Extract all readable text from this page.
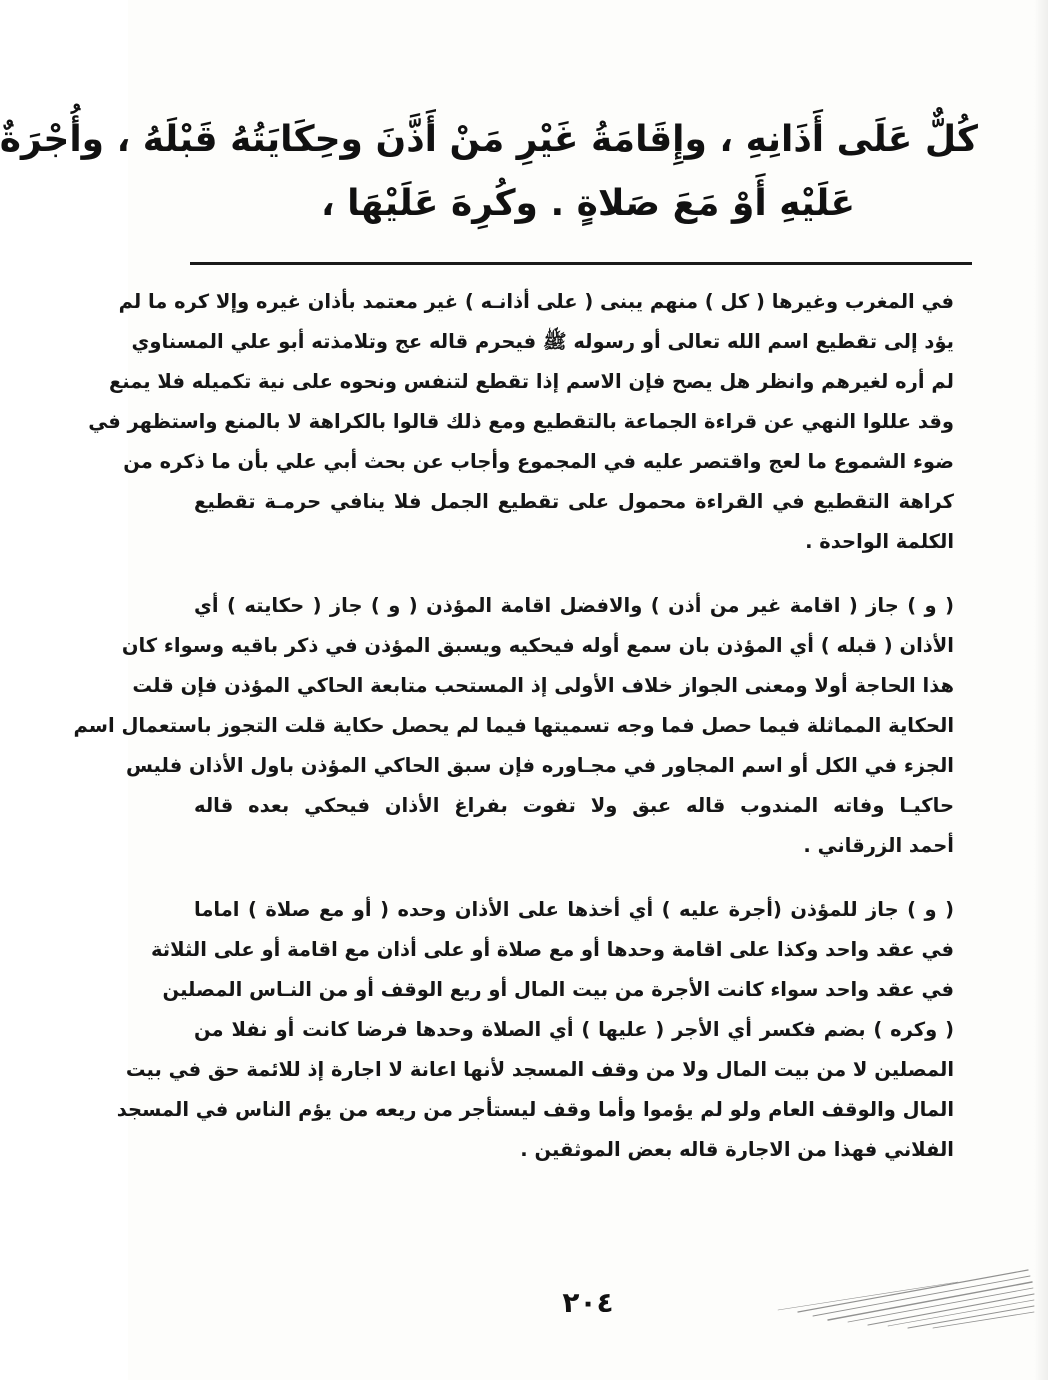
كُلٌّ عَلَى أَذَانِهِ ، وإِقَامَةُ غَيْرِ مَنْ أَذَّنَ وحِكَايَتُهُ قَبْلَهُ ، وأُجْرَةٌ
عَلَيْهِ أَوْ مَعَ صَلاةٍ . وكُرِهَ عَلَيْهَا ،
في المغرب وغيرها ( كل ) منهم يبنى ( على أذانـه ) غير معتمد بأذان غيره وإلا كره ما لم
يؤد إلى تقطيع اسم الله تعالى أو رسوله ﷺ فيحرم قاله عج وتلامذته أبو علي المسناوي
لم أره لغيرهم وانظر هل يصح فإن الاسم إذا تقطع لتنفس ونحوه على نية تكميله فلا يمنع
وقد عللوا النهي عن قراءة الجماعة بالتقطيع ومع ذلك قالوا بالكراهة لا بالمنع واستظهر في
ضوء الشموع ما لعج واقتصر عليه في المجموع وأجاب عن بحث أبي علي بأن ما ذكره من
كراهة التقطيع في القراءة محمول على تقطيع الجمل فلا ينافي حرمـة تقطيع
الكلمة الواحدة .
( و ) جاز ( اقامة غير من أذن ) والافضل اقامة المؤذن ( و ) جاز ( حكايته ) أي
الأذان ( قبله ) أي المؤذن بان سمع أوله فيحكيه ويسبق المؤذن في ذكر باقيه وسواء كان
هذا الحاجة أولا ومعنى الجواز خلاف الأولى إذ المستحب متابعة الحاكي المؤذن فإن قلت
الحكاية المماثلة فيما حصل فما وجه تسميتها فيما لم يحصل حكاية قلت التجوز باستعمال اسم
الجزء في الكل أو اسم المجاور في مجـاوره فإن سبق الحاكي المؤذن باول الأذان فليس
حاكيـا وفاته المندوب قاله عبق ولا تفوت بفراغ الأذان فيحكي بعده قاله
أحمد الزرقاني .
( و ) جاز للمؤذن (أجرة عليه ) أي أخذها على الأذان وحده ( أو مع صلاة ) اماما
في عقد واحد وكذا على اقامة وحدها أو مع صلاة أو على أذان مع اقامة أو على الثلاثة
في عقد واحد سواء كانت الأجرة من بيت المال أو ريع الوقف أو من النـاس المصلين
( وكره ) بضم فكسر أي الأجر ( عليها ) أي الصلاة وحدها فرضا كانت أو نفلا من
المصلين لا من بيت المال ولا من وقف المسجد لأنها اعانة لا اجارة إذ للائمة حق في بيت
المال والوقف العام ولو لم يؤموا وأما وقف ليستأجر من ريعه من يؤم الناس في المسجد
الفلاني فهذا من الاجارة قاله بعض الموثقين .
٢٠٤
